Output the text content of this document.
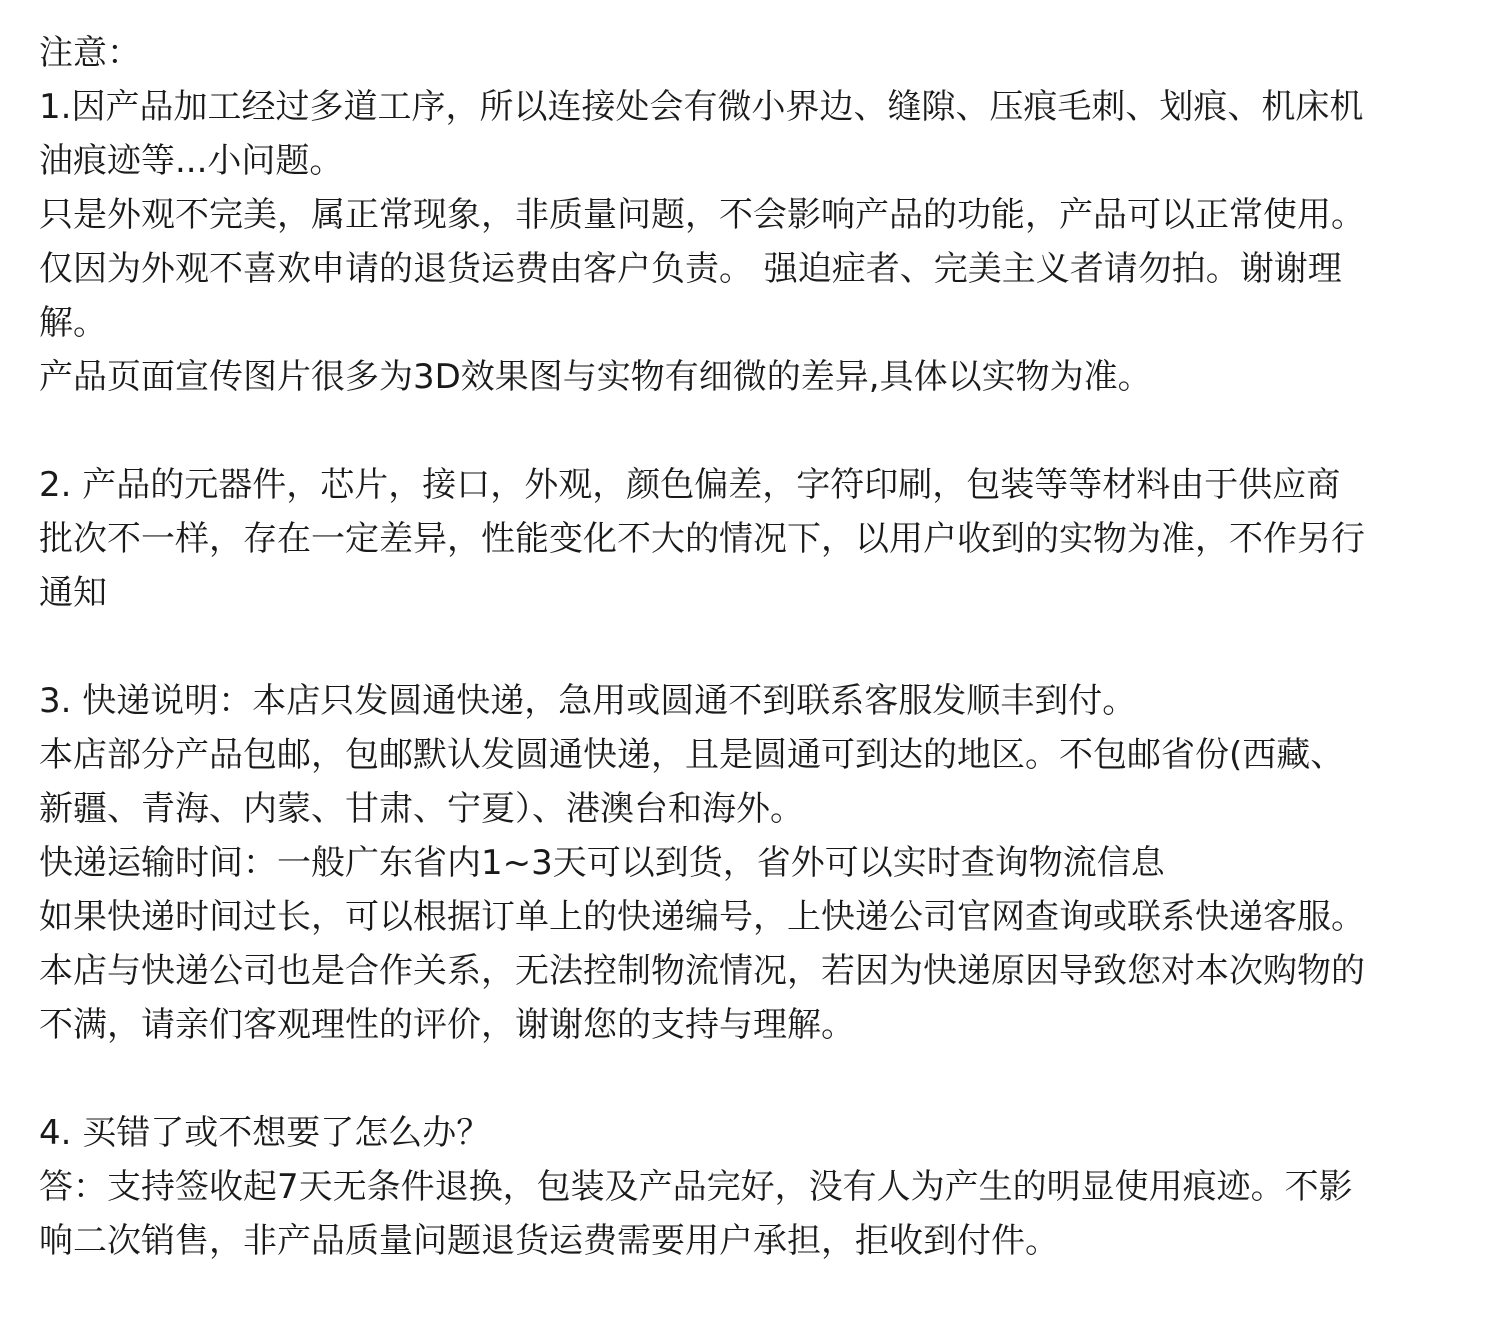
注意：
1.因产品加工经过多道工序，所以连接处会有微小界边、缝隙、压痕毛刺、划痕、机床机
油痕迹等...小问题。
只是外观不完美，属正常现象，非质量问题，不会影响产品的功能，产品可以正常使用。
仅因为外观不喜欢申请的退货运费由客户负责。 强迫症者、完美主义者请勿拍。谢谢理
解。
产品页面宣传图片很多为3D效果图与实物有细微的差异,具体以实物为准。
2. 产品的元器件，芯片，接口，外观，颜色偏差，字符印刷，包装等等材料由于供应商
批次不一样，存在一定差异，性能变化不大的情况下，以用户收到的实物为准，不作另行
通知
3. 快递说明：本店只发圆通快递，急用或圆通不到联系客服发顺丰到付。
本店部分产品包邮，包邮默认发圆通快递，且是圆通可到达的地区。不包邮省份(西藏、
新疆、青海、内蒙、甘肃、宁夏）、港澳台和海外。
快递运输时间：一般广东省内1~3天可以到货，省外可以实时查询物流信息
如果快递时间过长，可以根据订单上的快递编号，上快递公司官网查询或联系快递客服。
本店与快递公司也是合作关系，无法控制物流情况，若因为快递原因导致您对本次购物的
不满，请亲们客观理性的评价，谢谢您的支持与理解。
4. 买错了或不想要了怎么办？
答：支持签收起7天无条件退换，包装及产品完好，没有人为产生的明显使用痕迹。不影
响二次销售，非产品质量问题退货运费需要用户承担，拒收到付件。
